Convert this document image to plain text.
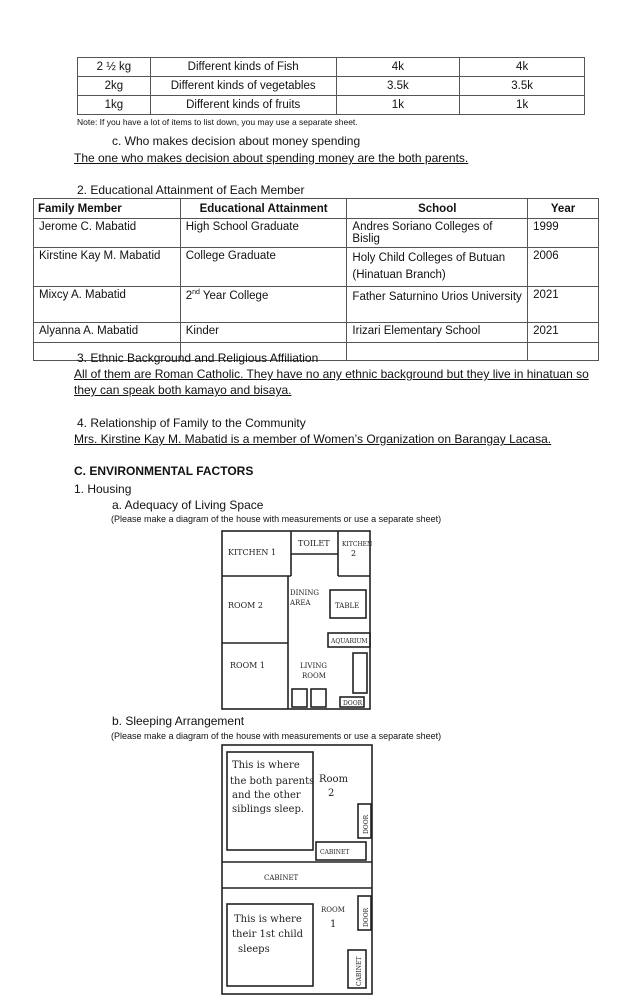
2 ½ kg	Different kinds of Fish	4k	4k
2kg	Different kinds of vegetables	3.5k	3.5k
1kg	Different kinds of fruits	1k	1k
Note: If you have a lot of items to list down, you may use a separate sheet.
c. Who makes decision about money spending
The one who makes decision about spending money are the both parents.
2. Educational Attainment of Each Member
Family Member	Educational Attainment	School	Year
Jerome C. Mabatid	High School Graduate	Andres Soriano Colleges of Bislig	1999
Kirstine Kay M. Mabatid	College Graduate	Holy Child Colleges of Butuan (Hinatuan Branch)	2006
Mixcy A. Mabatid	2nd Year College	Father Saturnino Urios University	2021
Alyanna A. Mabatid	Kinder	Irizari Elementary School	2021

3. Ethnic Background and Religious Affiliation
All of them are Roman Catholic. They have no any ethnic background but they live in hinatuan so
they can speak both kamayo and bisaya.
4. Relationship of Family to the Community
Mrs. Kirstine Kay M. Mabatid is a member of Women’s Organization on Barangay Lacasa.
C. ENVIRONMENTAL FACTORS
1. Housing
a. Adequacy of Living Space
(Please make a diagram of the house with measurements or use a separate sheet)
KITCHEN 1
TOILET KITCHEN
2
ROOM 2
DINING
AREA	TABLE
AQUARIUM
ROOM 1	LIVING
ROOM
DOOR
b. Sleeping Arrangement
(Please make a diagram of the house with measurements or use a separate sheet)
This is where
the both parents
and the other
siblings sleep.
Room
2
DOOR
CABINET
CABINET
ROOM
1	DOOR
This is where
their 1st child
sleeps
CABINET
